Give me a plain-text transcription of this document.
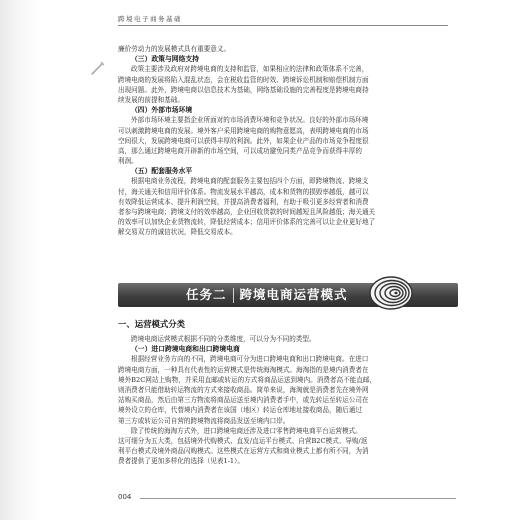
跨境电子商务基础
廉价劳动力的发展模式具有重要意义。
（三）政策与网络支持
政策主要涉及政府对跨境电商的支持和监管，如果相应的法律和政策体系不完善，
跨境电商的发展将陷入混乱状态，会在税收监管的时效、跨境诉讼机制和赔偿机制方面
出现问题。此外，跨境电商以信息技术为基础，网络基础设施的完善程度是跨境电商持
续发展的前提和基础。
（四）外部市场环境
外部市场环境主要指企业所面对的市场消费环境和竞争状况。良好的外部市场环境
可以刺激跨境电商的发展。境外客户采用跨境电商的购物意愿高，表明跨境电商的市场
空间很大，发展跨境电商可以获得丰厚的利润。此外，如果企业产品的市场竞争程度很
高，那么通过跨境电商开辟新的市场空间，可以成功避免同类产品竞争而获得丰厚的
利润。
（五）配套服务水平
根据电商业务流程，跨境电商的配套服务主要包括四个方面，即跨境物流、跨境支
付，海关通关和信用评价体系。物流发展水平越高，成本和货物的损毁率越低，越可以
有效降低运营成本、提升利润空间，并提高消费者福利，有助于吸引更多经营者和消费
者参与跨境电商；跨境支付的效率越高，企业回收货款的时间越短且风险越低；海关通关
的效率可以加快企业货物流转，降低经营成本；信用评价体系的完善可以让企业更好地了
解交易双方的诚信状况，降低交易成本。
任务二 跨境电商运营模式
一、运营模式分类
跨境电商运营模式根据不同的分类维度，可以分为不同的类型。
（一）进口跨境电商和出口跨境电商
根据经营业务方向的不同，跨境电商可分为进口跨境电商和出口跨境电商。在进口
跨境电商方面，一种具有代表性的运营模式是传统海淘模式。海淘指的是境内消费者在
境外B2C网站上购物，并采用直邮或转运的方式将商品运送到境内。消费者高不能直邮，
则消费者只能借助转运物流的方式来接收商品。简单来说，海淘就是消费者先在境外网
站购买商品，然后由第三方物流将商品运送至境内消费者手中，或先转运至转运公司在
境外设立的仓库，代替境内消费者在该国（地区）转运仓库地址接收商品，随后通过
第三方或转运公司自营的跨境物流将商品发送至境内口岸。
除了传统的海淘方式外，进口跨境电商还涉及进口零售跨境电商平台运营模式。
这可细分为五大类，包括境外代购模式、直发/直运平台模式、自营B2C模式、导购/返
利平台模式及境外商品闪购模式。这些模式在运营方式和商业模式上都有所不同，为消
费者提供了更加多样化的选择（见表1-1）。
004
